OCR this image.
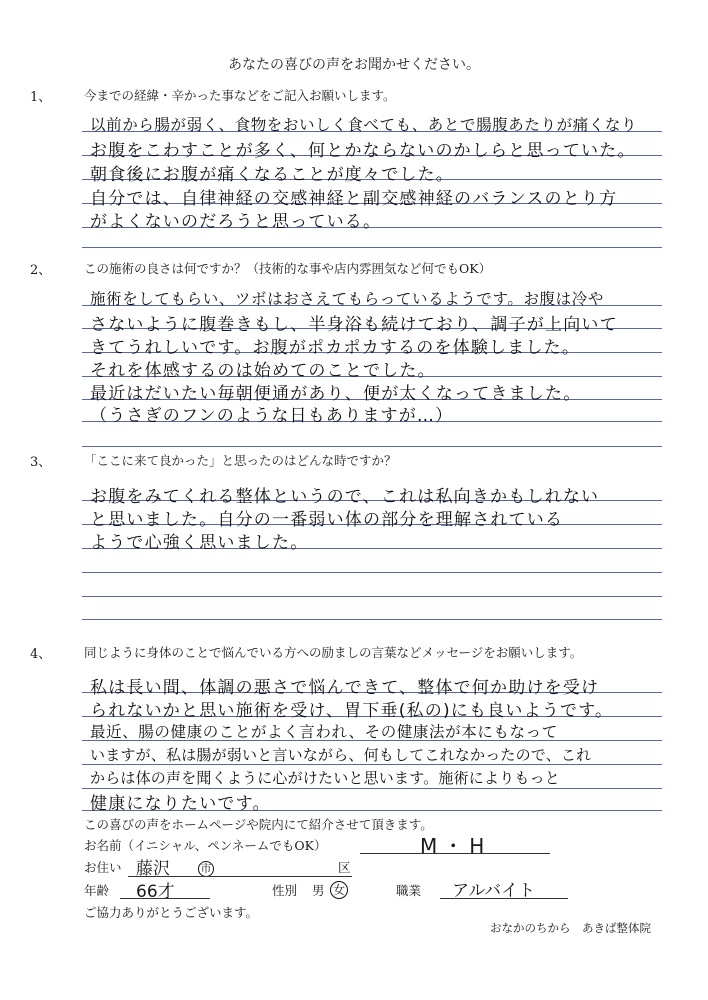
あなたの喜びの声をお聞かせください。
1、	今までの経緯・辛かった事などをご記入お願いします。
以前から腸が弱く、食物をおいしく食べても、あとで腸腹あたりが痛くなり
お腹をこわすことが多く、何とかならないのかしらと思っていた。
朝食後にお腹が痛くなることが度々でした。
自分では、自律神経の交感神経と副交感神経のバランスのとり方
がよくないのだろうと思っている。
2、	この施術の良さは何ですか？（技術的な事や店内雰囲気など何でもOK）
施術をしてもらい、ツボはおさえてもらっているようです。お腹は冷や
さないように腹巻きもし、半身浴も続けており、調子が上向いて
きてうれしいです。お腹がポカポカするのを体験しました。
それを体感するのは始めてのことでした。
最近はだいたい毎朝便通があり、便が太くなってきました。
（うさぎのフンのような日もありますが…）
3、	「ここに来て良かった」と思ったのはどんな時ですか？
お腹をみてくれる整体というので、これは私向きかもしれない
と思いました。自分の一番弱い体の部分を理解されている
ようで心強く思いました。
4、	同じように身体のことで悩んでいる方への励ましの言葉などメッセージをお願いします。
私は長い間、体調の悪さで悩んできて、整体で何か助けを受け
られないかと思い施術を受け、胃下垂(私の)にも良いようです。
最近、腸の健康のことがよく言われ、その健康法が本にもなって
いますが、私は腸が弱いと言いながら、何もしてこれなかったので、これ
からは体の声を聞くように心がけたいと思います。施術によりもっと
健康になりたいです。
この喜びの声をホームページや院内にて紹介させて頂きます。
お名前（イニシャル、ペンネームでもOK）	M・H
お住い 藤沢	市	区
年齢 66才	性別 男 女	職業 アルバイト
ご協力ありがとうございます。
おなかのちから　あきば整体院
